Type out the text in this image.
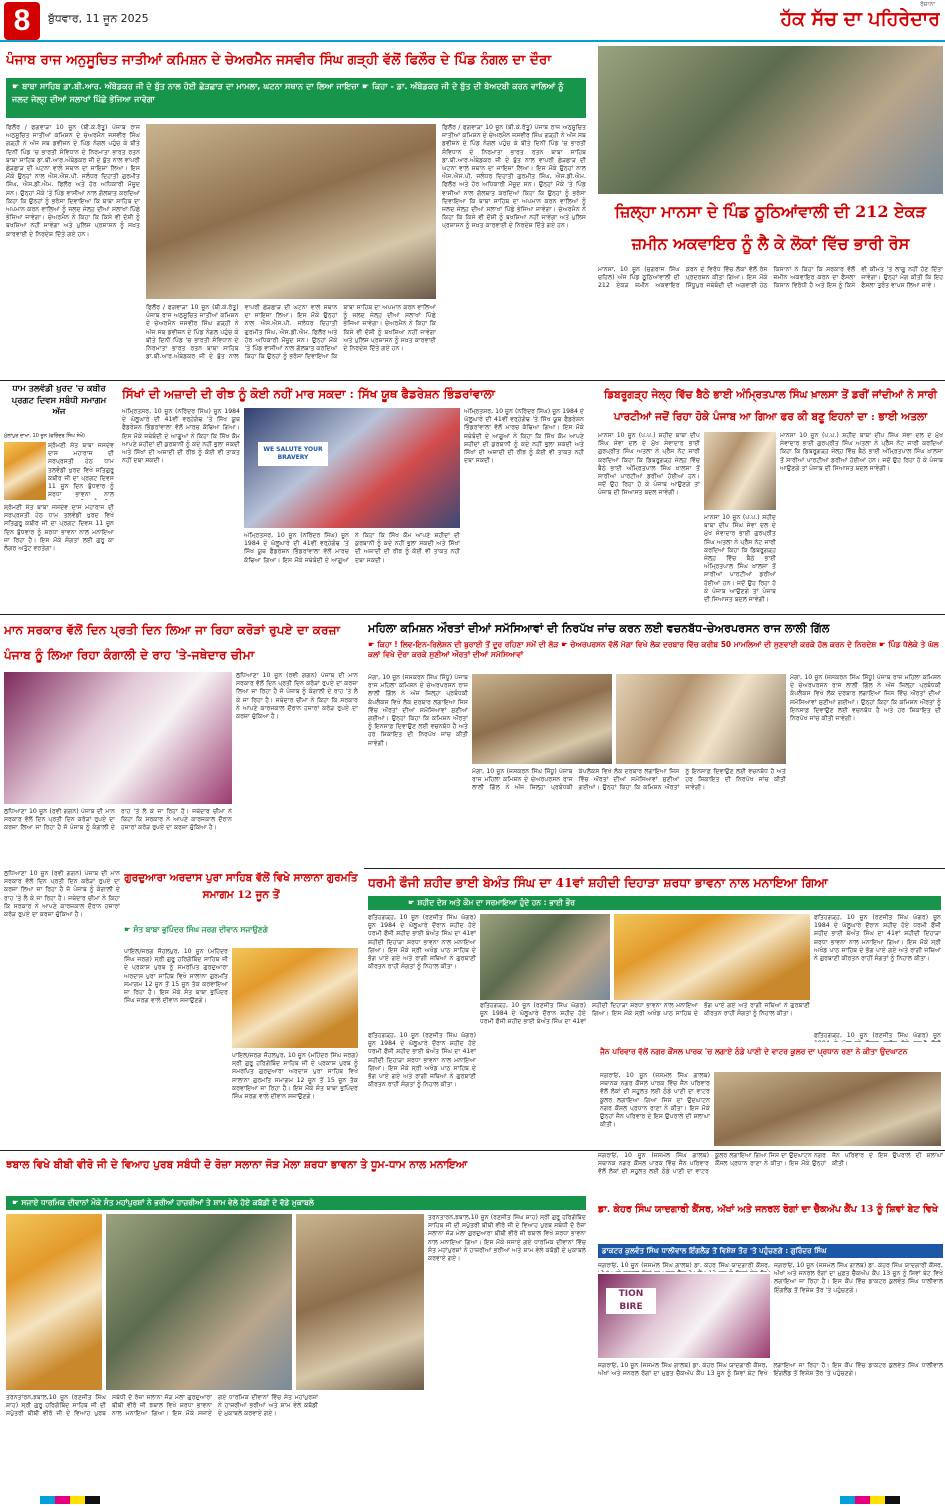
8	ਬੁੱਧਵਾਰ, 11 ਜੂਨ 2025
ਰੋਜ਼ਾਨਾ
ਹੱਕ ਸੱਚ ਦਾ ਪਹਿਰੇਦਾਰ
ਪੰਜਾਬ ਰਾਜ ਅਨੁਸੂਚਿਤ ਜਾਤੀਆਂ ਕਮਿਸ਼ਨ ਦੇ ਚੇਅਰਮੈਨ ਜਸਵੀਰ ਸਿੰਘ ਗੜ੍ਹੀ ਵੱਲੋਂ ਫਿਲੌਰ ਦੇ ਪਿੰਡ ਨੰਗਲ ਦਾ ਦੌਰਾ
☛ ਬਾਬਾ ਸਾਹਿਬ ਡਾ.ਬੀ.ਆਰ. ਅੰਬੇਡਕਰ ਜੀ ਦੇ ਬੁੱਤ ਨਾਲ ਹੋਈ ਛੇੜਛਾੜ ਦਾ ਮਾਮਲਾ, ਘਟਨਾ ਸਥਾਨ ਦਾ ਲਿਆ ਜਾਇਜ਼ਾ ☛ ਕਿਹਾ - ਡਾ. ਅੰਬੇਡਕਰ ਜੀ ਦੇ ਬੁੱਤ ਦੀ ਬੇਅਦਬੀ ਕਰਨ ਵਾਲਿਆਂ ਨੂੰ ਜਲਦ ਜੇਲ੍ਹ ਦੀਆਂ ਸਲਾਖਾਂ ਪਿੱਛੇ ਭੇਜਿਆ ਜਾਵੇਗਾ
ਫਿਲੌਰ / ਫਗਵਾੜਾ 10 ਜੂਨ (ਬੀ.ਕੇ.ਰੱਤੂ) ਪੰਜਾਬ ਰਾਜ ਅਨੁਸੂਚਿਤ ਜਾਤੀਆਂ ਕਮਿਸ਼ਨ ਦੇ ਚੇਅਰਮੈਨ ਜਸਵੀਰ ਸਿੰਘ ਗੜ੍ਹੀ ਨੇ ਅੱਜ ਸਬ ਡਵੀਜ਼ਨ ਦੇ ਪਿੰਡ ਨੰਗਲ ਪਹੁੰਚ ਕੇ ਬੀਤੇ ਦਿਨੀਂ ਪਿੰਡ 'ਚ ਭਾਰਤੀ ਸੰਵਿਧਾਨ ਦੇ ਨਿਰਮਾਤਾ ਭਾਰਤ ਰਤਨ ਬਾਬਾ ਸਾਹਿਬ ਡਾ.ਬੀ.ਆਰ.ਅੰਬੇਡਕਰ ਜੀ ਦੇ ਬੁੱਤ ਨਾਲ ਵਾਪਰੀ ਛੇੜਛਾੜ ਦੀ ਘਟਨਾ ਵਾਲੇ ਸਥਾਨ ਦਾ ਜਾਇਜ਼ਾ ਲਿਆ। ਇਸ ਮੌਕੇ ਉਨ੍ਹਾਂ ਨਾਲ ਐਸ.ਐਸ.ਪੀ. ਜਲੰਧਰ ਦਿਹਾਤੀ ਗੁਰਮੀਤ ਸਿੰਘ, ਐਸ.ਡੀ.ਐਮ. ਫਿਲੌਰ ਅਤੇ ਹੋਰ ਅਧਿਕਾਰੀ ਮੌਜੂਦ ਸਨ। ਉਨ੍ਹਾਂ ਮੌਕੇ 'ਤੇ ਪਿੰਡ ਵਾਸੀਆਂ ਨਾਲ ਗੱਲਬਾਤ ਕਰਦਿਆਂ ਕਿਹਾ ਕਿ ਉਨ੍ਹਾਂ ਨੂੰ ਭਰੋਸਾ ਦਿਵਾਇਆ ਕਿ ਬਾਬਾ ਸਾਹਿਬ ਦਾ ਅਪਮਾਨ ਕਰਨ ਵਾਲਿਆਂ ਨੂੰ ਜਲਦ ਜੇਲ੍ਹ ਦੀਆਂ ਸਲਾਖਾਂ ਪਿੱਛੇ ਭੇਜਿਆ ਜਾਵੇਗਾ। ਚੇਅਰਮੈਨ ਨੇ ਕਿਹਾ ਕਿ ਕਿਸੇ ਵੀ ਦੋਸ਼ੀ ਨੂੰ ਬਖਸ਼ਿਆ ਨਹੀਂ ਜਾਵੇਗਾ ਅਤੇ ਪੁਲਿਸ ਪ੍ਰਸ਼ਾਸਨ ਨੂੰ ਸਖ਼ਤ ਕਾਰਵਾਈ ਦੇ ਨਿਰਦੇਸ਼ ਦਿੱਤੇ ਗਏ ਹਨ।
ਫਿਲੌਰ / ਫਗਵਾੜਾ 10 ਜੂਨ (ਬੀ.ਕੇ.ਰੱਤੂ) ਪੰਜਾਬ ਰਾਜ ਅਨੁਸੂਚਿਤ ਜਾਤੀਆਂ ਕਮਿਸ਼ਨ ਦੇ ਚੇਅਰਮੈਨ ਜਸਵੀਰ ਸਿੰਘ ਗੜ੍ਹੀ ਨੇ ਅੱਜ ਸਬ ਡਵੀਜ਼ਨ ਦੇ ਪਿੰਡ ਨੰਗਲ ਪਹੁੰਚ ਕੇ ਬੀਤੇ ਦਿਨੀਂ ਪਿੰਡ 'ਚ ਭਾਰਤੀ ਸੰਵਿਧਾਨ ਦੇ ਨਿਰਮਾਤਾ ਭਾਰਤ ਰਤਨ ਬਾਬਾ ਸਾਹਿਬ ਡਾ.ਬੀ.ਆਰ.ਅੰਬੇਡਕਰ ਜੀ ਦੇ ਬੁੱਤ ਨਾਲ ਵਾਪਰੀ ਛੇੜਛਾੜ ਦੀ ਘਟਨਾ ਵਾਲੇ ਸਥਾਨ ਦਾ ਜਾਇਜ਼ਾ ਲਿਆ। ਇਸ ਮੌਕੇ ਉਨ੍ਹਾਂ ਨਾਲ ਐਸ.ਐਸ.ਪੀ. ਜਲੰਧਰ ਦਿਹਾਤੀ ਗੁਰਮੀਤ ਸਿੰਘ, ਐਸ.ਡੀ.ਐਮ. ਫਿਲੌਰ ਅਤੇ ਹੋਰ ਅਧਿਕਾਰੀ ਮੌਜੂਦ ਸਨ। ਉਨ੍ਹਾਂ ਮੌਕੇ 'ਤੇ ਪਿੰਡ ਵਾਸੀਆਂ ਨਾਲ ਗੱਲਬਾਤ ਕਰਦਿਆਂ ਕਿਹਾ ਕਿ ਉਨ੍ਹਾਂ ਨੂੰ ਭਰੋਸਾ ਦਿਵਾਇਆ ਕਿ ਬਾਬਾ ਸਾਹਿਬ ਦਾ ਅਪਮਾਨ ਕਰਨ ਵਾਲਿਆਂ ਨੂੰ ਜਲਦ ਜੇਲ੍ਹ ਦੀਆਂ ਸਲਾਖਾਂ ਪਿੱਛੇ ਭੇਜਿਆ ਜਾਵੇਗਾ। ਚੇਅਰਮੈਨ ਨੇ ਕਿਹਾ ਕਿ ਕਿਸੇ ਵੀ ਦੋਸ਼ੀ ਨੂੰ ਬਖਸ਼ਿਆ ਨਹੀਂ ਜਾਵੇਗਾ ਅਤੇ ਪੁਲਿਸ ਪ੍ਰਸ਼ਾਸਨ ਨੂੰ ਸਖ਼ਤ ਕਾਰਵਾਈ ਦੇ ਨਿਰਦੇਸ਼ ਦਿੱਤੇ ਗਏ ਹਨ।
ਫਿਲੌਰ / ਫਗਵਾੜਾ 10 ਜੂਨ (ਬੀ.ਕੇ.ਰੱਤੂ) ਪੰਜਾਬ ਰਾਜ ਅਨੁਸੂਚਿਤ ਜਾਤੀਆਂ ਕਮਿਸ਼ਨ ਦੇ ਚੇਅਰਮੈਨ ਜਸਵੀਰ ਸਿੰਘ ਗੜ੍ਹੀ ਨੇ ਅੱਜ ਸਬ ਡਵੀਜ਼ਨ ਦੇ ਪਿੰਡ ਨੰਗਲ ਪਹੁੰਚ ਕੇ ਬੀਤੇ ਦਿਨੀਂ ਪਿੰਡ 'ਚ ਭਾਰਤੀ ਸੰਵਿਧਾਨ ਦੇ ਨਿਰਮਾਤਾ ਭਾਰਤ ਰਤਨ ਬਾਬਾ ਸਾਹਿਬ ਡਾ.ਬੀ.ਆਰ.ਅੰਬੇਡਕਰ ਜੀ ਦੇ ਬੁੱਤ ਨਾਲ ਵਾਪਰੀ ਛੇੜਛਾੜ ਦੀ ਘਟਨਾ ਵਾਲੇ ਸਥਾਨ ਦਾ ਜਾਇਜ਼ਾ ਲਿਆ। ਇਸ ਮੌਕੇ ਉਨ੍ਹਾਂ ਨਾਲ ਐਸ.ਐਸ.ਪੀ. ਜਲੰਧਰ ਦਿਹਾਤੀ ਗੁਰਮੀਤ ਸਿੰਘ, ਐਸ.ਡੀ.ਐਮ. ਫਿਲੌਰ ਅਤੇ ਹੋਰ ਅਧਿਕਾਰੀ ਮੌਜੂਦ ਸਨ। ਉਨ੍ਹਾਂ ਮੌਕੇ 'ਤੇ ਪਿੰਡ ਵਾਸੀਆਂ ਨਾਲ ਗੱਲਬਾਤ ਕਰਦਿਆਂ ਕਿਹਾ ਕਿ ਉਨ੍ਹਾਂ ਨੂੰ ਭਰੋਸਾ ਦਿਵਾਇਆ ਕਿ ਬਾਬਾ ਸਾਹਿਬ ਦਾ ਅਪਮਾਨ ਕਰਨ ਵਾਲਿਆਂ ਨੂੰ ਜਲਦ ਜੇਲ੍ਹ ਦੀਆਂ ਸਲਾਖਾਂ ਪਿੱਛੇ ਭੇਜਿਆ ਜਾਵੇਗਾ। ਚੇਅਰਮੈਨ ਨੇ ਕਿਹਾ ਕਿ ਕਿਸੇ ਵੀ ਦੋਸ਼ੀ ਨੂੰ ਬਖਸ਼ਿਆ ਨਹੀਂ ਜਾਵੇਗਾ ਅਤੇ ਪੁਲਿਸ ਪ੍ਰਸ਼ਾਸਨ ਨੂੰ ਸਖ਼ਤ ਕਾਰਵਾਈ ਦੇ ਨਿਰਦੇਸ਼ ਦਿੱਤੇ ਗਏ ਹਨ।
ਜ਼ਿਲ੍ਹਾ ਮਾਨਸਾ ਦੇ ਪਿੰਡ ਠੂਠਿਆਂਵਾਲੀ ਦੀ 212 ਏਕੜ ਜ਼ਮੀਨ ਅਕਵਾਇਰ ਨੂੰ ਲੈ ਕੇ ਲੋਕਾਂ ਵਿੱਚ ਭਾਰੀ ਰੋਸ
ਮਾਨਸਾ, 10 ਜੂਨ (ਜੁਗਰਾਜ ਸਿੰਘ ਚਹਿਲ) ਅੱਜ ਪਿੰਡ ਠੂਠਿਆਂਵਾਲੀ ਦੀ 212 ਏਕੜ ਜ਼ਮੀਨ ਅਕਵਾਇਰ ਕਰਨ ਦੇ ਵਿਰੋਧ ਵਿੱਚ ਲੋਕਾਂ ਵੱਲੋਂ ਰੋਸ ਪ੍ਰਦਰਸ਼ਨ ਕੀਤਾ ਗਿਆ। ਇਸ ਮੌਕੇ ਸਿੱਧੂਪੁਰ ਜਥੇਬੰਦੀ ਦੀ ਅਗਵਾਈ ਹੇਠ ਕਿਸਾਨਾਂ ਨੇ ਕਿਹਾ ਕਿ ਸਰਕਾਰ ਵੱਲੋਂ ਜ਼ਮੀਨ ਅਕਵਾਇਰ ਕਰਨ ਦਾ ਫੈਸਲਾ ਕਿਸਾਨ ਵਿਰੋਧੀ ਹੈ ਅਤੇ ਇਸ ਨੂੰ ਕਿਸੇ ਵੀ ਕੀਮਤ 'ਤੇ ਲਾਗੂ ਨਹੀਂ ਹੋਣ ਦਿੱਤਾ ਜਾਵੇਗਾ। ਉਨ੍ਹਾਂ ਮੰਗ ਕੀਤੀ ਕਿ ਇਹ ਫੈਸਲਾ ਤੁਰੰਤ ਵਾਪਸ ਲਿਆ ਜਾਵੇ।
ਧਾਮ ਤਲਵੰਡੀ ਖੁਰਦ 'ਚ ਕਬੀਰ ਪ੍ਰਗਟ ਦਿਵਸ ਸਬੰਧੀ ਸਮਾਗਮ ਅੱਜ
ਮੁੱਲਾਂਪੁਰ ਦਾਖਾ, 10 ਜੂਨ (ਵਰਿੰਦਰ ਸਿੰਘ ਸੇਖੋਂ)
ਸ਼੍ਰੋਮਣੀ ਸੰਤ ਬਾਬਾ ਜਸਦੇਵ ਦਾਸ ਮਹਾਰਾਜ ਦੀ ਸਰਪ੍ਰਸਤੀ ਹੇਠ ਧਾਮ ਤਲਵੰਡੀ ਖੁਰਦ ਵਿਖੇ ਸਤਿਗੁਰੂ ਕਬੀਰ ਜੀ ਦਾ ਪ੍ਰਗਟ ਦਿਵਸ 11 ਜੂਨ ਦਿਨ ਬੁੱਧਵਾਰ ਨੂੰ ਸ਼ਰਧਾ ਭਾਵਨਾ ਨਾਲ
ਸ਼੍ਰੋਮਣੀ ਸੰਤ ਬਾਬਾ ਜਸਦੇਵ ਦਾਸ ਮਹਾਰਾਜ ਦੀ ਸਰਪ੍ਰਸਤੀ ਹੇਠ ਧਾਮ ਤਲਵੰਡੀ ਖੁਰਦ ਵਿਖੇ ਸਤਿਗੁਰੂ ਕਬੀਰ ਜੀ ਦਾ ਪ੍ਰਗਟ ਦਿਵਸ 11 ਜੂਨ ਦਿਨ ਬੁੱਧਵਾਰ ਨੂੰ ਸ਼ਰਧਾ ਭਾਵਨਾ ਨਾਲ ਮਨਾਇਆ ਜਾ ਰਿਹਾ ਹੈ। ਇਸ ਮੌਕੇ ਸੰਗਤਾਂ ਲਈ ਗੁਰੂ ਕਾ ਲੰਗਰ ਅਤੁੱਟ ਵਰਤੇਗਾ।
ਸਿੱਖਾਂ ਦੀ ਅਜ਼ਾਦੀ ਦੀ ਰੀਝ ਨੂੰ ਕੋਈ ਨਹੀਂ ਮਾਰ ਸਕਦਾ : ਸਿੱਖ ਯੂਥ ਫੈਡਰੇਸ਼ਨ ਭਿੰਡਰਾਂਵਾਲਾ
ਅੰਮ੍ਰਿਤਸਰ, 10 ਜੂਨ (ਨਰਿੰਦਰ ਸਿੰਘ) ਜੂਨ 1984 ਦੇ ਘੱਲੂਘਾਰੇ ਦੀ 41ਵੀਂ ਵਰ੍ਹੇਗੰਢ 'ਤੇ ਸਿੱਖ ਯੂਥ ਫੈਡਰੇਸ਼ਨ ਭਿੰਡਰਾਂਵਾਲਾ ਵੱਲੋਂ ਮਾਰਚ ਕੱਢਿਆ ਗਿਆ। ਇਸ ਮੌਕੇ ਜਥੇਬੰਦੀ ਦੇ ਆਗੂਆਂ ਨੇ ਕਿਹਾ ਕਿ ਸਿੱਖ ਕੌਮ ਆਪਣੇ ਸ਼ਹੀਦਾਂ ਦੀ ਕੁਰਬਾਨੀ ਨੂੰ ਕਦੇ ਨਹੀਂ ਭੁਲਾ ਸਕਦੀ ਅਤੇ ਸਿੱਖਾਂ ਦੀ ਅਜ਼ਾਦੀ ਦੀ ਰੀਝ ਨੂੰ ਕੋਈ ਵੀ ਤਾਕਤ ਨਹੀਂ ਦਬਾ ਸਕਦੀ।
WE SALUTE YOUR BRAVERY
ਅੰਮ੍ਰਿਤਸਰ, 10 ਜੂਨ (ਨਰਿੰਦਰ ਸਿੰਘ) ਜੂਨ 1984 ਦੇ ਘੱਲੂਘਾਰੇ ਦੀ 41ਵੀਂ ਵਰ੍ਹੇਗੰਢ 'ਤੇ ਸਿੱਖ ਯੂਥ ਫੈਡਰੇਸ਼ਨ ਭਿੰਡਰਾਂਵਾਲਾ ਵੱਲੋਂ ਮਾਰਚ ਕੱਢਿਆ ਗਿਆ। ਇਸ ਮੌਕੇ ਜਥੇਬੰਦੀ ਦੇ ਆਗੂਆਂ ਨੇ ਕਿਹਾ ਕਿ ਸਿੱਖ ਕੌਮ ਆਪਣੇ ਸ਼ਹੀਦਾਂ ਦੀ ਕੁਰਬਾਨੀ ਨੂੰ ਕਦੇ ਨਹੀਂ ਭੁਲਾ ਸਕਦੀ ਅਤੇ ਸਿੱਖਾਂ ਦੀ ਅਜ਼ਾਦੀ ਦੀ ਰੀਝ ਨੂੰ ਕੋਈ ਵੀ ਤਾਕਤ ਨਹੀਂ ਦਬਾ ਸਕਦੀ।
ਅੰਮ੍ਰਿਤਸਰ, 10 ਜੂਨ (ਨਰਿੰਦਰ ਸਿੰਘ) ਜੂਨ 1984 ਦੇ ਘੱਲੂਘਾਰੇ ਦੀ 41ਵੀਂ ਵਰ੍ਹੇਗੰਢ 'ਤੇ ਸਿੱਖ ਯੂਥ ਫੈਡਰੇਸ਼ਨ ਭਿੰਡਰਾਂਵਾਲਾ ਵੱਲੋਂ ਮਾਰਚ ਕੱਢਿਆ ਗਿਆ। ਇਸ ਮੌਕੇ ਜਥੇਬੰਦੀ ਦੇ ਆਗੂਆਂ ਨੇ ਕਿਹਾ ਕਿ ਸਿੱਖ ਕੌਮ ਆਪਣੇ ਸ਼ਹੀਦਾਂ ਦੀ ਕੁਰਬਾਨੀ ਨੂੰ ਕਦੇ ਨਹੀਂ ਭੁਲਾ ਸਕਦੀ ਅਤੇ ਸਿੱਖਾਂ ਦੀ ਅਜ਼ਾਦੀ ਦੀ ਰੀਝ ਨੂੰ ਕੋਈ ਵੀ ਤਾਕਤ ਨਹੀਂ ਦਬਾ ਸਕਦੀ।
ਡਿਬਰੂਗੜ੍ਹ ਜੇਲ੍ਹ ਵਿੱਚ ਬੈਠੇ ਭਾਈ ਅੰਮ੍ਰਿਤਪਾਲ ਸਿੰਘ ਖ਼ਾਲਸਾ ਤੋਂ ਡਰੀਂ ਜਾਂਦੀਆਂ ਨੇ ਸਾਰੀ ਪਾਰਟੀਆਂ ਜਦੋਂ ਰਿਹਾ ਹੋਕੇ ਪੰਜਾਬ ਆ ਗਿਆ ਫਰ ਕੀ ਬਣੂ ਇਹਨਾਂ ਦਾ : ਭਾਈ ਅਤਲਾ
ਮਾਨਸਾ 10 ਜੂਨ (ਪ.ਪ.) ਸ਼ਹੀਦ ਬਾਬਾ ਦੀਪ ਸਿੰਘ ਸੇਵਾ ਦਲ ਦੇ ਮੁੱਖ ਸੇਵਾਦਾਰ ਭਾਈ ਗੁਰਪ੍ਰੀਤ ਸਿੰਘ ਅਤਲਾ ਨੇ ਪ੍ਰੈੱਸ ਨੋਟ ਜਾਰੀ ਕਰਦਿਆਂ ਕਿਹਾ ਕਿ ਡਿਬਰੂਗੜ੍ਹ ਜੇਲ੍ਹ ਵਿੱਚ ਬੈਠੇ ਭਾਈ ਅੰਮ੍ਰਿਤਪਾਲ ਸਿੰਘ ਖ਼ਾਲਸਾ ਤੋਂ ਸਾਰੀਆਂ ਪਾਰਟੀਆਂ ਡਰੀਆਂ ਹੋਈਆਂ ਹਨ। ਜਦੋਂ ਉਹ ਰਿਹਾ ਹੋ ਕੇ ਪੰਜਾਬ ਆਉਣਗੇ ਤਾਂ ਪੰਜਾਬ ਦੀ ਸਿਆਸਤ ਬਦਲ ਜਾਵੇਗੀ।
ਮਾਨਸਾ 10 ਜੂਨ (ਪ.ਪ.) ਸ਼ਹੀਦ ਬਾਬਾ ਦੀਪ ਸਿੰਘ ਸੇਵਾ ਦਲ ਦੇ ਮੁੱਖ ਸੇਵਾਦਾਰ ਭਾਈ ਗੁਰਪ੍ਰੀਤ ਸਿੰਘ ਅਤਲਾ ਨੇ ਪ੍ਰੈੱਸ ਨੋਟ ਜਾਰੀ ਕਰਦਿਆਂ ਕਿਹਾ ਕਿ ਡਿਬਰੂਗੜ੍ਹ ਜੇਲ੍ਹ ਵਿੱਚ ਬੈਠੇ ਭਾਈ ਅੰਮ੍ਰਿਤਪਾਲ ਸਿੰਘ ਖ਼ਾਲਸਾ ਤੋਂ ਸਾਰੀਆਂ ਪਾਰਟੀਆਂ ਡਰੀਆਂ ਹੋਈਆਂ ਹਨ। ਜਦੋਂ ਉਹ ਰਿਹਾ ਹੋ ਕੇ ਪੰਜਾਬ ਆਉਣਗੇ ਤਾਂ ਪੰਜਾਬ ਦੀ ਸਿਆਸਤ ਬਦਲ ਜਾਵੇਗੀ।
ਮਾਨਸਾ 10 ਜੂਨ (ਪ.ਪ.) ਸ਼ਹੀਦ ਬਾਬਾ ਦੀਪ ਸਿੰਘ ਸੇਵਾ ਦਲ ਦੇ ਮੁੱਖ ਸੇਵਾਦਾਰ ਭਾਈ ਗੁਰਪ੍ਰੀਤ ਸਿੰਘ ਅਤਲਾ ਨੇ ਪ੍ਰੈੱਸ ਨੋਟ ਜਾਰੀ ਕਰਦਿਆਂ ਕਿਹਾ ਕਿ ਡਿਬਰੂਗੜ੍ਹ ਜੇਲ੍ਹ ਵਿੱਚ ਬੈਠੇ ਭਾਈ ਅੰਮ੍ਰਿਤਪਾਲ ਸਿੰਘ ਖ਼ਾਲਸਾ ਤੋਂ ਸਾਰੀਆਂ ਪਾਰਟੀਆਂ ਡਰੀਆਂ ਹੋਈਆਂ ਹਨ। ਜਦੋਂ ਉਹ ਰਿਹਾ ਹੋ ਕੇ ਪੰਜਾਬ ਆਉਣਗੇ ਤਾਂ ਪੰਜਾਬ ਦੀ ਸਿਆਸਤ ਬਦਲ ਜਾਵੇਗੀ।
ਮਾਨ ਸਰਕਾਰ ਵੱਲੋਂ ਦਿਨ ਪ੍ਰਤੀ ਦਿਨ ਲਿਆ ਜਾ ਰਿਹਾ ਕਰੋੜਾਂ ਰੁਪਏ ਦਾ ਕਰਜ਼ਾ ਪੰਜਾਬ ਨੂੰ ਲਿਆ ਰਿਹਾ ਕੰਗਾਲੀ ਦੇ ਰਾਹ 'ਤੇ-ਜਥੇਦਾਰ ਚੀਮਾ
ਲੁਧਿਆਣਾ 10 ਜੂਨ (ਰਵੀ ਗਗਨ) ਪੰਜਾਬ ਦੀ ਮਾਨ ਸਰਕਾਰ ਵੱਲੋਂ ਦਿਨ ਪ੍ਰਤੀ ਦਿਨ ਕਰੋੜਾਂ ਰੁਪਏ ਦਾ ਕਰਜ਼ਾ ਲਿਆ ਜਾ ਰਿਹਾ ਹੈ ਜੋ ਪੰਜਾਬ ਨੂੰ ਕੰਗਾਲੀ ਦੇ ਰਾਹ 'ਤੇ ਲੈ ਕੇ ਜਾ ਰਿਹਾ ਹੈ। ਜਥੇਦਾਰ ਚੀਮਾ ਨੇ ਕਿਹਾ ਕਿ ਸਰਕਾਰ ਨੇ ਆਪਣੇ ਕਾਰਜਕਾਲ ਦੌਰਾਨ ਹਜ਼ਾਰਾਂ ਕਰੋੜ ਰੁਪਏ ਦਾ ਕਰਜ਼ਾ ਚੁੱਕਿਆ ਹੈ।
ਲੁਧਿਆਣਾ 10 ਜੂਨ (ਰਵੀ ਗਗਨ) ਪੰਜਾਬ ਦੀ ਮਾਨ ਸਰਕਾਰ ਵੱਲੋਂ ਦਿਨ ਪ੍ਰਤੀ ਦਿਨ ਕਰੋੜਾਂ ਰੁਪਏ ਦਾ ਕਰਜ਼ਾ ਲਿਆ ਜਾ ਰਿਹਾ ਹੈ ਜੋ ਪੰਜਾਬ ਨੂੰ ਕੰਗਾਲੀ ਦੇ ਰਾਹ 'ਤੇ ਲੈ ਕੇ ਜਾ ਰਿਹਾ ਹੈ। ਜਥੇਦਾਰ ਚੀਮਾ ਨੇ ਕਿਹਾ ਕਿ ਸਰਕਾਰ ਨੇ ਆਪਣੇ ਕਾਰਜਕਾਲ ਦੌਰਾਨ ਹਜ਼ਾਰਾਂ ਕਰੋੜ ਰੁਪਏ ਦਾ ਕਰਜ਼ਾ ਚੁੱਕਿਆ ਹੈ।
ਮਹਿਲਾ ਕਮਿਸ਼ਨ ਔਰਤਾਂ ਦੀਆਂ ਸਮੱਸਿਆਵਾਂ ਦੀ ਨਿਰਪੱਖ ਜਾਂਚ ਕਰਨ ਲਈ ਵਚਨਬੱਧ-ਚੇਅਰਪਰਸਨ ਰਾਜ ਲਾਲੀ ਗਿੱਲ
☛ ਕਿਹਾ ! ਲਿਵ-ਇਨ-ਰਿਲੇਸ਼ਨ ਦੀ ਬੁਰਾਈ ਤੋਂ ਦੂਰ ਰਹਿਣਾ ਸਮੇਂ ਦੀ ਲੋੜ ☛ ਚੇਅਰਪਰਸਨ ਵੱਲੋਂ ਮੋਗਾ ਵਿਖੇ ਲੋਕ ਦਰਬਾਰ ਵਿੱਚ ਕਰੀਬ 50 ਮਾਮਲਿਆਂ ਦੀ ਸੁਣਵਾਈ ਕਰਕੇ ਹੱਲ ਕਰਨ ਦੇ ਨਿਰਦੇਸ਼ ☛ ਪਿੰਡ ਧੱਲੇਕੇ ਤੇ ਘੱਲ ਕਲਾਂ ਵਿਖੇ ਦੌਰਾ ਕਰਕੇ ਸੁਣੀਆਂ ਔਰਤਾਂ ਦੀਆਂ ਸਮੱਸਿਆਵਾਂ
ਮੋਗਾ, 10 ਜੂਨ (ਜਸਕਰਨ ਸਿੰਘ ਸਿੱਧੂ) ਪੰਜਾਬ ਰਾਜ ਮਹਿਲਾ ਕਮਿਸ਼ਨ ਦੇ ਚੇਅਰਪਰਸਨ ਰਾਜ ਲਾਲੀ ਗਿੱਲ ਨੇ ਅੱਜ ਜ਼ਿਲ੍ਹਾ ਪ੍ਰਬੰਧਕੀ ਕੰਪਲੈਕਸ ਵਿਖੇ ਲੋਕ ਦਰਬਾਰ ਲਗਾਇਆ ਜਿਸ ਵਿੱਚ ਔਰਤਾਂ ਦੀਆਂ ਸਮੱਸਿਆਵਾਂ ਸੁਣੀਆਂ ਗਈਆਂ। ਉਨ੍ਹਾਂ ਕਿਹਾ ਕਿ ਕਮਿਸ਼ਨ ਔਰਤਾਂ ਨੂੰ ਇਨਸਾਫ਼ ਦਿਵਾਉਣ ਲਈ ਵਚਨਬੱਧ ਹੈ ਅਤੇ ਹਰ ਸ਼ਿਕਾਇਤ ਦੀ ਨਿਰਪੱਖ ਜਾਂਚ ਕੀਤੀ ਜਾਵੇਗੀ।
ਮੋਗਾ, 10 ਜੂਨ (ਜਸਕਰਨ ਸਿੰਘ ਸਿੱਧੂ) ਪੰਜਾਬ ਰਾਜ ਮਹਿਲਾ ਕਮਿਸ਼ਨ ਦੇ ਚੇਅਰਪਰਸਨ ਰਾਜ ਲਾਲੀ ਗਿੱਲ ਨੇ ਅੱਜ ਜ਼ਿਲ੍ਹਾ ਪ੍ਰਬੰਧਕੀ ਕੰਪਲੈਕਸ ਵਿਖੇ ਲੋਕ ਦਰਬਾਰ ਲਗਾਇਆ ਜਿਸ ਵਿੱਚ ਔਰਤਾਂ ਦੀਆਂ ਸਮੱਸਿਆਵਾਂ ਸੁਣੀਆਂ ਗਈਆਂ। ਉਨ੍ਹਾਂ ਕਿਹਾ ਕਿ ਕਮਿਸ਼ਨ ਔਰਤਾਂ ਨੂੰ ਇਨਸਾਫ਼ ਦਿਵਾਉਣ ਲਈ ਵਚਨਬੱਧ ਹੈ ਅਤੇ ਹਰ ਸ਼ਿਕਾਇਤ ਦੀ ਨਿਰਪੱਖ ਜਾਂਚ ਕੀਤੀ ਜਾਵੇਗੀ।
ਮੋਗਾ, 10 ਜੂਨ (ਜਸਕਰਨ ਸਿੰਘ ਸਿੱਧੂ) ਪੰਜਾਬ ਰਾਜ ਮਹਿਲਾ ਕਮਿਸ਼ਨ ਦੇ ਚੇਅਰਪਰਸਨ ਰਾਜ ਲਾਲੀ ਗਿੱਲ ਨੇ ਅੱਜ ਜ਼ਿਲ੍ਹਾ ਪ੍ਰਬੰਧਕੀ ਕੰਪਲੈਕਸ ਵਿਖੇ ਲੋਕ ਦਰਬਾਰ ਲਗਾਇਆ ਜਿਸ ਵਿੱਚ ਔਰਤਾਂ ਦੀਆਂ ਸਮੱਸਿਆਵਾਂ ਸੁਣੀਆਂ ਗਈਆਂ। ਉਨ੍ਹਾਂ ਕਿਹਾ ਕਿ ਕਮਿਸ਼ਨ ਔਰਤਾਂ ਨੂੰ ਇਨਸਾਫ਼ ਦਿਵਾਉਣ ਲਈ ਵਚਨਬੱਧ ਹੈ ਅਤੇ ਹਰ ਸ਼ਿਕਾਇਤ ਦੀ ਨਿਰਪੱਖ ਜਾਂਚ ਕੀਤੀ ਜਾਵੇਗੀ।
ਲੁਧਿਆਣਾ 10 ਜੂਨ (ਰਵੀ ਗਗਨ) ਪੰਜਾਬ ਦੀ ਮਾਨ ਸਰਕਾਰ ਵੱਲੋਂ ਦਿਨ ਪ੍ਰਤੀ ਦਿਨ ਕਰੋੜਾਂ ਰੁਪਏ ਦਾ ਕਰਜ਼ਾ ਲਿਆ ਜਾ ਰਿਹਾ ਹੈ ਜੋ ਪੰਜਾਬ ਨੂੰ ਕੰਗਾਲੀ ਦੇ ਰਾਹ 'ਤੇ ਲੈ ਕੇ ਜਾ ਰਿਹਾ ਹੈ। ਜਥੇਦਾਰ ਚੀਮਾ ਨੇ ਕਿਹਾ ਕਿ ਸਰਕਾਰ ਨੇ ਆਪਣੇ ਕਾਰਜਕਾਲ ਦੌਰਾਨ ਹਜ਼ਾਰਾਂ ਕਰੋੜ ਰੁਪਏ ਦਾ ਕਰਜ਼ਾ ਚੁੱਕਿਆ ਹੈ।
ਗੁਰਦੁਆਰਾ ਅਰਦਾਸ ਪੁਰਾ ਸਾਹਿਬ ਵੱਲੋਂ ਵਿਖੇ ਸਾਲਾਨਾ ਗੁਰਮਤਿ ਸਮਾਗਮ 12 ਜੂਨ ਤੋਂ
☛ ਸੰਤ ਬਾਬਾ ਭੁਪਿੰਦਰ ਸਿੰਘ ਜਰਗ ਦੀਵਾਨ ਸਜਾਉਣਗੇ
ਪਾਇਲ/ਜਰਗ ਜੌਹਲਪੁਰ, 10 ਜੂਨ (ਮਹਿੰਦਰ ਸਿੰਘ ਜਰਗ) ਸ੍ਰੀ ਗੁਰੂ ਹਰਿਗੋਬਿੰਦ ਸਾਹਿਬ ਜੀ ਦੇ ਪ੍ਰਕਾਸ਼ ਪੁਰਬ ਨੂੰ ਸਮਰਪਿਤ ਗੁਰਦੁਆਰਾ ਅਰਦਾਸ ਪੁਰਾ ਸਾਹਿਬ ਵਿਖੇ ਸਾਲਾਨਾ ਗੁਰਮਤਿ ਸਮਾਗਮ 12 ਜੂਨ ਤੋਂ 15 ਜੂਨ ਤੱਕ ਕਰਵਾਇਆ ਜਾ ਰਿਹਾ ਹੈ। ਇਸ ਮੌਕੇ ਸੰਤ ਬਾਬਾ ਭੁਪਿੰਦਰ ਸਿੰਘ ਜਰਗ ਵਾਲੇ ਦੀਵਾਨ ਸਜਾਉਣਗੇ।
ਪਾਇਲ/ਜਰਗ ਜੌਹਲਪੁਰ, 10 ਜੂਨ (ਮਹਿੰਦਰ ਸਿੰਘ ਜਰਗ) ਸ੍ਰੀ ਗੁਰੂ ਹਰਿਗੋਬਿੰਦ ਸਾਹਿਬ ਜੀ ਦੇ ਪ੍ਰਕਾਸ਼ ਪੁਰਬ ਨੂੰ ਸਮਰਪਿਤ ਗੁਰਦੁਆਰਾ ਅਰਦਾਸ ਪੁਰਾ ਸਾਹਿਬ ਵਿਖੇ ਸਾਲਾਨਾ ਗੁਰਮਤਿ ਸਮਾਗਮ 12 ਜੂਨ ਤੋਂ 15 ਜੂਨ ਤੱਕ ਕਰਵਾਇਆ ਜਾ ਰਿਹਾ ਹੈ। ਇਸ ਮੌਕੇ ਸੰਤ ਬਾਬਾ ਭੁਪਿੰਦਰ ਸਿੰਘ ਜਰਗ ਵਾਲੇ ਦੀਵਾਨ ਸਜਾਉਣਗੇ।
ਧਰਮੀ ਫੌਜੀ ਸ਼ਹੀਦ ਭਾਈ ਬੇਅੰਤ ਸਿੰਘ ਦਾ 41ਵਾਂ ਸ਼ਹੀਦੀ ਦਿਹਾੜਾ ਸ਼ਰਧਾ ਭਾਵਨਾ ਨਾਲ ਮਨਾਇਆ ਗਿਆ
☛ ਸ਼ਹੀਦ ਦੇਸ਼ ਅਤੇ ਕੌਮ ਦਾ ਸਰਮਾਇਆ ਹੁੰਦੇ ਹਨ : ਭਾਈ ਭੌਰ
ਫਤਿਹਗੜ੍ਹ, 10 ਜੂਨ (ਰਣਜੀਤ ਸਿੰਘ ਘੱਗਰ) ਜੂਨ 1984 ਦੇ ਘੱਲੂਘਾਰੇ ਦੌਰਾਨ ਸ਼ਹੀਦ ਹੋਏ ਧਰਮੀ ਫੌਜੀ ਸ਼ਹੀਦ ਭਾਈ ਬੇਅੰਤ ਸਿੰਘ ਦਾ 41ਵਾਂ ਸ਼ਹੀਦੀ ਦਿਹਾੜਾ ਸ਼ਰਧਾ ਭਾਵਨਾ ਨਾਲ ਮਨਾਇਆ ਗਿਆ। ਇਸ ਮੌਕੇ ਸ੍ਰੀ ਅਖੰਡ ਪਾਠ ਸਾਹਿਬ ਦੇ ਭੋਗ ਪਾਏ ਗਏ ਅਤੇ ਰਾਗੀ ਜਥਿਆਂ ਨੇ ਗੁਰਬਾਣੀ ਕੀਰਤਨ ਰਾਹੀਂ ਸੰਗਤਾਂ ਨੂੰ ਨਿਹਾਲ ਕੀਤਾ।
ਫਤਿਹਗੜ੍ਹ, 10 ਜੂਨ (ਰਣਜੀਤ ਸਿੰਘ ਘੱਗਰ) ਜੂਨ 1984 ਦੇ ਘੱਲੂਘਾਰੇ ਦੌਰਾਨ ਸ਼ਹੀਦ ਹੋਏ ਧਰਮੀ ਫੌਜੀ ਸ਼ਹੀਦ ਭਾਈ ਬੇਅੰਤ ਸਿੰਘ ਦਾ 41ਵਾਂ ਸ਼ਹੀਦੀ ਦਿਹਾੜਾ ਸ਼ਰਧਾ ਭਾਵਨਾ ਨਾਲ ਮਨਾਇਆ ਗਿਆ। ਇਸ ਮੌਕੇ ਸ੍ਰੀ ਅਖੰਡ ਪਾਠ ਸਾਹਿਬ ਦੇ ਭੋਗ ਪਾਏ ਗਏ ਅਤੇ ਰਾਗੀ ਜਥਿਆਂ ਨੇ ਗੁਰਬਾਣੀ ਕੀਰਤਨ ਰਾਹੀਂ ਸੰਗਤਾਂ ਨੂੰ ਨਿਹਾਲ ਕੀਤਾ।
ਫਤਿਹਗੜ੍ਹ, 10 ਜੂਨ (ਰਣਜੀਤ ਸਿੰਘ ਘੱਗਰ) ਜੂਨ 1984 ਦੇ ਘੱਲੂਘਾਰੇ ਦੌਰਾਨ ਸ਼ਹੀਦ ਹੋਏ ਧਰਮੀ ਫੌਜੀ ਸ਼ਹੀਦ ਭਾਈ ਬੇਅੰਤ ਸਿੰਘ ਦਾ 41ਵਾਂ ਸ਼ਹੀਦੀ ਦਿਹਾੜਾ ਸ਼ਰਧਾ ਭਾਵਨਾ ਨਾਲ ਮਨਾਇਆ ਗਿਆ। ਇਸ ਮੌਕੇ ਸ੍ਰੀ ਅਖੰਡ ਪਾਠ ਸਾਹਿਬ ਦੇ ਭੋਗ ਪਾਏ ਗਏ ਅਤੇ ਰਾਗੀ ਜਥਿਆਂ ਨੇ ਗੁਰਬਾਣੀ ਕੀਰਤਨ ਰਾਹੀਂ ਸੰਗਤਾਂ ਨੂੰ ਨਿਹਾਲ ਕੀਤਾ।
ਫਤਿਹਗੜ੍ਹ, 10 ਜੂਨ (ਰਣਜੀਤ ਸਿੰਘ ਘੱਗਰ) ਜੂਨ 1984 ਦੇ ਘੱਲੂਘਾਰੇ ਦੌਰਾਨ ਸ਼ਹੀਦ ਹੋਏ ਧਰਮੀ ਫੌਜੀ ਸ਼ਹੀਦ ਭਾਈ ਬੇਅੰਤ ਸਿੰਘ ਦਾ 41ਵਾਂ ਸ਼ਹੀਦੀ ਦਿਹਾੜਾ ਸ਼ਰਧਾ ਭਾਵਨਾ ਨਾਲ ਮਨਾਇਆ ਗਿਆ। ਇਸ ਮੌਕੇ ਸ੍ਰੀ ਅਖੰਡ ਪਾਠ ਸਾਹਿਬ ਦੇ ਭੋਗ ਪਾਏ ਗਏ ਅਤੇ ਰਾਗੀ ਜਥਿਆਂ ਨੇ ਗੁਰਬਾਣੀ ਕੀਰਤਨ ਰਾਹੀਂ ਸੰਗਤਾਂ ਨੂੰ ਨਿਹਾਲ ਕੀਤਾ।
ਫਤਿਹਗੜ੍ਹ, 10 ਜੂਨ (ਰਣਜੀਤ ਸਿੰਘ ਘੱਗਰ) ਜੂਨ
ਜੈਨ ਪਰਿਵਾਰ ਵੱਲੋਂ ਨਗਰ ਕੌਂਸਲ ਪਾਰਕ 'ਚ ਲਗਾਏ ਠੰਡੇ ਪਾਣੀ ਦੇ ਵਾਟਰ ਕੂਲਰ ਦਾ ਪ੍ਰਧਾਨ ਰਣਾ ਨੇ ਕੀਤਾ ਉਦਘਾਟਨ
ਜਗਰਾਓਂ, 10 ਜੂਨ (ਜਸਮੇਲ ਸਿੰਘ ਗਾਲਬ) ਸਥਾਨਕ ਨਗਰ ਕੌਂਸਲ ਪਾਰਕ ਵਿੱਚ ਜੈਨ ਪਰਿਵਾਰ ਵੱਲੋਂ ਲੋਕਾਂ ਦੀ ਸਹੂਲਤ ਲਈ ਠੰਡੇ ਪਾਣੀ ਦਾ ਵਾਟਰ ਕੂਲਰ ਲਗਾਇਆ ਗਿਆ ਜਿਸ ਦਾ ਉਦਘਾਟਨ ਨਗਰ ਕੌਂਸਲ ਪ੍ਰਧਾਨ ਰਾਣਾ ਨੇ ਕੀਤਾ। ਇਸ ਮੌਕੇ ਉਨ੍ਹਾਂ ਜੈਨ ਪਰਿਵਾਰ ਦੇ ਇਸ ਉਪਰਾਲੇ ਦੀ ਸ਼ਲਾਘਾ ਕੀਤੀ।
ਝਬਾਲ ਵਿਖੇ ਬੀਬੀ ਵੀਰੋ ਜੀ ਦੇ ਵਿਆਹ ਪੁਰਬ ਸਬੰਧੀ ਦੋ ਰੋਜ਼ਾ ਸਲਾਨਾ ਜੋੜ ਮੇਲਾ ਸ਼ਰਧਾ ਭਾਵਨਾ ਤੇ ਧੂਮ-ਧਾਮ ਨਾਲ ਮਨਾਇਆ
☛ ਸਜਾਏ ਧਾਰਮਿਕ ਦੀਵਾਨਾਂ ਮੌਕੇ ਸੰਤ ਮਹਾਂਪੁਰਸ਼ਾਂ ਨੇ ਭਰੀਆਂ ਹਾਜ਼ਰੀਆਂ ਤੇ ਸ਼ਾਮ ਵੇਲੇ ਹੋਏ ਕਬੱਡੀ ਦੇ ਵੱਡੇ ਮੁਕਾਬਲੇ
ਤਰਨਤਾਰਨ,ਝਬਾਲ,10 ਜੂਨ (ਰਣਜੀਤ ਸਿੰਘ ਸ਼ਾਹ) ਸ੍ਰੀ ਗੁਰੂ ਹਰਿਗੋਬਿੰਦ ਸਾਹਿਬ ਜੀ ਦੀ ਸਪੁੱਤਰੀ ਬੀਬੀ ਵੀਰੋ ਜੀ ਦੇ ਵਿਆਹ ਪੁਰਬ ਸਬੰਧੀ ਦੋ ਰੋਜ਼ਾ ਸਲਾਨਾ ਜੋੜ ਮੇਲਾ ਗੁਰਦੁਆਰਾ ਬੀਬੀ ਵੀਰੋ ਜੀ ਝਬਾਲ ਵਿਖੇ ਸ਼ਰਧਾ ਭਾਵਨਾ ਨਾਲ ਮਨਾਇਆ ਗਿਆ। ਇਸ ਮੌਕੇ ਸਜਾਏ ਗਏ ਧਾਰਮਿਕ ਦੀਵਾਨਾਂ ਵਿੱਚ ਸੰਤ ਮਹਾਂਪੁਰਸ਼ਾਂ ਨੇ ਹਾਜ਼ਰੀਆਂ ਭਰੀਆਂ ਅਤੇ ਸ਼ਾਮ ਵੇਲੇ ਕਬੱਡੀ ਦੇ ਮੁਕਾਬਲੇ ਕਰਵਾਏ ਗਏ।
ਤਰਨਤਾਰਨ,ਝਬਾਲ,10 ਜੂਨ (ਰਣਜੀਤ ਸਿੰਘ ਸ਼ਾਹ) ਸ੍ਰੀ ਗੁਰੂ ਹਰਿਗੋਬਿੰਦ ਸਾਹਿਬ ਜੀ ਦੀ ਸਪੁੱਤਰੀ ਬੀਬੀ ਵੀਰੋ ਜੀ ਦੇ ਵਿਆਹ ਪੁਰਬ ਸਬੰਧੀ ਦੋ ਰੋਜ਼ਾ ਸਲਾਨਾ ਜੋੜ ਮੇਲਾ ਗੁਰਦੁਆਰਾ ਬੀਬੀ ਵੀਰੋ ਜੀ ਝਬਾਲ ਵਿਖੇ ਸ਼ਰਧਾ ਭਾਵਨਾ ਨਾਲ ਮਨਾਇਆ ਗਿਆ। ਇਸ ਮੌਕੇ ਸਜਾਏ ਗਏ ਧਾਰਮਿਕ ਦੀਵਾਨਾਂ ਵਿੱਚ ਸੰਤ ਮਹਾਂਪੁਰਸ਼ਾਂ ਨੇ ਹਾਜ਼ਰੀਆਂ ਭਰੀਆਂ ਅਤੇ ਸ਼ਾਮ ਵੇਲੇ ਕਬੱਡੀ ਦੇ ਮੁਕਾਬਲੇ ਕਰਵਾਏ ਗਏ।
ਜਗਰਾਓਂ, 10 ਜੂਨ (ਜਸਮੇਲ ਸਿੰਘ ਗਾਲਬ) ਸਥਾਨਕ ਨਗਰ ਕੌਂਸਲ ਪਾਰਕ ਵਿੱਚ ਜੈਨ ਪਰਿਵਾਰ ਵੱਲੋਂ ਲੋਕਾਂ ਦੀ ਸਹੂਲਤ ਲਈ ਠੰਡੇ ਪਾਣੀ ਦਾ ਵਾਟਰ ਕੂਲਰ ਲਗਾਇਆ ਗਿਆ ਜਿਸ ਦਾ ਉਦਘਾਟਨ ਨਗਰ ਕੌਂਸਲ ਪ੍ਰਧਾਨ ਰਾਣਾ ਨੇ ਕੀਤਾ। ਇਸ ਮੌਕੇ ਉਨ੍ਹਾਂ ਜੈਨ ਪਰਿਵਾਰ ਦੇ ਇਸ ਉਪਰਾਲੇ ਦੀ ਸ਼ਲਾਘਾ ਕੀਤੀ।
ਡਾ. ਕੇਹਰ ਸਿੰਘ ਯਾਦਗਾਰੀ ਕੈਂਸਰ, ਅੱਖਾਂ ਅਤੇ ਜਨਰਲ ਰੋਗਾਂ ਦਾ ਚੈੱਕਅੱਪ ਕੈਂਪ 13 ਨੂੰ ਸ਼ਿਵਾਂ ਬੇਟ ਵਿਖੇ
ਡਾਕਟਰ ਕੁਲਵੰਤ ਸਿੰਘ ਧਾਲੀਵਾਲ ਇੰਗਲੈਂਡ ਤੋਂ ਵਿਸ਼ੇਸ਼ ਤੌਰ 'ਤੇ ਪਹੁੰਚਣਗੇ : ਗੁਰਿੰਦਰ ਸਿੰਘ
ਜਗਰਾਓਂ, 10 ਜੂਨ (ਜਸਮੇਲ ਸਿੰਘ ਗਾਲਬ) ਡਾ. ਕੇਹਰ ਸਿੰਘ ਯਾਦਗਾਰੀ ਕੈਂਸਰ,
TION BIRE
ਜਗਰਾਓਂ, 10 ਜੂਨ (ਜਸਮੇਲ ਸਿੰਘ ਗਾਲਬ) ਡਾ. ਕੇਹਰ ਸਿੰਘ ਯਾਦਗਾਰੀ ਕੈਂਸਰ, ਅੱਖਾਂ ਅਤੇ ਜਨਰਲ ਰੋਗਾਂ ਦਾ ਮੁਫ਼ਤ ਚੈੱਕਅੱਪ ਕੈਂਪ 13 ਜੂਨ ਨੂੰ ਸ਼ਿਵਾਂ ਬੇਟ ਵਿਖੇ ਲਗਾਇਆ ਜਾ ਰਿਹਾ ਹੈ। ਇਸ ਕੈਂਪ ਵਿੱਚ ਡਾਕਟਰ ਕੁਲਵੰਤ ਸਿੰਘ ਧਾਲੀਵਾਲ ਇੰਗਲੈਂਡ ਤੋਂ ਵਿਸ਼ੇਸ਼ ਤੌਰ 'ਤੇ ਪਹੁੰਚਣਗੇ।
ਜਗਰਾਓਂ, 10 ਜੂਨ (ਜਸਮੇਲ ਸਿੰਘ ਗਾਲਬ) ਡਾ. ਕੇਹਰ ਸਿੰਘ ਯਾਦਗਾਰੀ ਕੈਂਸਰ, ਅੱਖਾਂ ਅਤੇ ਜਨਰਲ ਰੋਗਾਂ ਦਾ ਮੁਫ਼ਤ ਚੈੱਕਅੱਪ ਕੈਂਪ 13 ਜੂਨ ਨੂੰ ਸ਼ਿਵਾਂ ਬੇਟ ਵਿਖੇ ਲਗਾਇਆ ਜਾ ਰਿਹਾ ਹੈ। ਇਸ ਕੈਂਪ ਵਿੱਚ ਡਾਕਟਰ ਕੁਲਵੰਤ ਸਿੰਘ ਧਾਲੀਵਾਲ ਇੰਗਲੈਂਡ ਤੋਂ ਵਿਸ਼ੇਸ਼ ਤੌਰ 'ਤੇ ਪਹੁੰਚਣਗੇ।
